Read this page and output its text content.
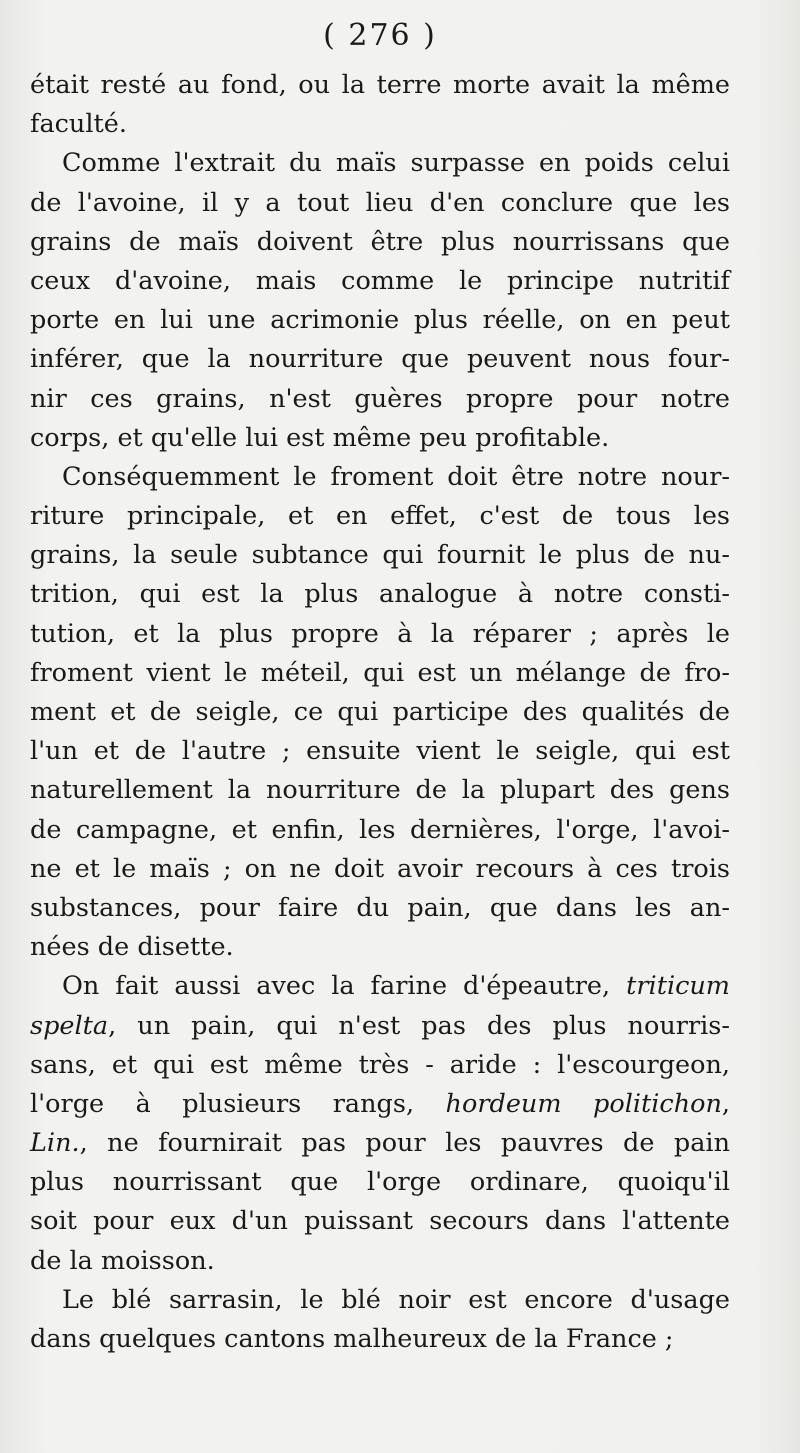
( 276 )
était resté au fond, ou la terre morte avait la même
faculté.
Comme l'extrait du maïs surpasse en poids celui
de l'avoine, il y a tout lieu d'en conclure que les
grains de maïs doivent être plus nourrissans que
ceux d'avoine, mais comme le principe nutritif
porte en lui une acrimonie plus réelle, on en peut
inférer, que la nourriture que peuvent nous four-
nir ces grains, n'est guères propre pour notre
corps, et qu'elle lui est même peu profitable.
Conséquemment le froment doit être notre nour-
riture principale, et en effet, c'est de tous les
grains, la seule subtance qui fournit le plus de nu-
trition, qui est la plus analogue à notre consti-
tution, et la plus propre à la réparer ; après le
froment vient le méteil, qui est un mélange de fro-
ment et de seigle, ce qui participe des qualités de
l'un et de l'autre ; ensuite vient le seigle, qui est
naturellement la nourriture de la plupart des gens
de campagne, et enfin, les dernières, l'orge, l'avoi-
ne et le maïs ; on ne doit avoir recours à ces trois
substances, pour faire du pain, que dans les an-
nées de disette.
On fait aussi avec la farine d'épeautre, triticum
spelta, un pain, qui n'est pas des plus nourris-
sans, et qui est même très - aride : l'escourgeon,
l'orge à plusieurs rangs, hordeum politichon,
Lin., ne fournirait pas pour les pauvres de pain
plus nourrissant que l'orge ordinare, quoiqu'il
soit pour eux d'un puissant secours dans l'attente
de la moisson.
Le blé sarrasin, le blé noir est encore d'usage
dans quelques cantons malheureux de la France ;
